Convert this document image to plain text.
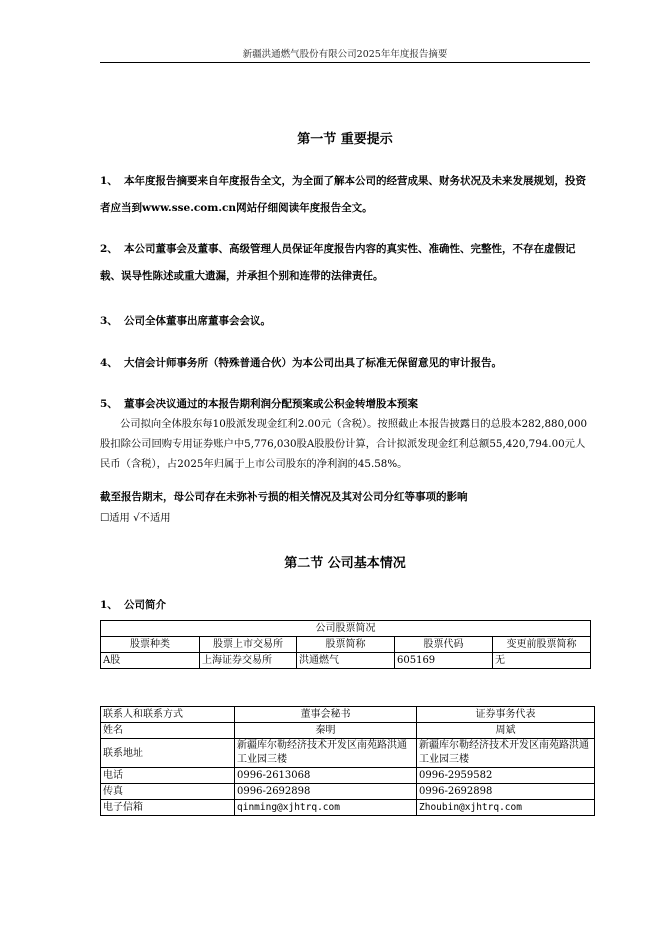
新疆洪通燃气股份有限公司2025年年度报告摘要
第一节 重要提示
1、 本年度报告摘要来自年度报告全文，为全面了解本公司的经营成果、财务状况及未来发展规划，投资者应当到www.sse.com.cn网站仔细阅读年度报告全文。
2、 本公司董事会及董事、高级管理人员保证年度报告内容的真实性、准确性、完整性，不存在虚假记载、误导性陈述或重大遗漏，并承担个别和连带的法律责任。
3、 公司全体董事出席董事会会议。
4、 大信会计师事务所（特殊普通合伙）为本公司出具了标准无保留意见的审计报告。
5、 董事会决议通过的本报告期利润分配预案或公积金转增股本预案
公司拟向全体股东每10股派发现金红利2.00元（含税）。按照截止本报告披露日的总股本282,880,000股扣除公司回购专用证券账户中5,776,030股A股股份计算，合计拟派发现金红利总额55,420,794.00元人民币（含税），占2025年归属于上市公司股东的净利润的45.58%。
截至报告期末，母公司存在未弥补亏损的相关情况及其对公司分红等事项的影响
☐适用 √不适用
第二节 公司基本情况
1、 公司简介
公司股票简况				
股票种类	股票上市交易所	股票简称	股票代码	变更前股票简称
A股	上海证券交易所	洪通燃气	605169	无
联系人和联系方式	董事会秘书	证券事务代表
姓名	秦明	周斌
联系地址	新疆库尔勒经济技术开发区南苑路洪通工业园三楼	新疆库尔勒经济技术开发区南苑路洪通工业园三楼
电话	0996-2613068	0996-2959582
传真	0996-2692898	0996-2692898
电子信箱	qinming@xjhtrq.com	Zhoubin@xjhtrq.com
